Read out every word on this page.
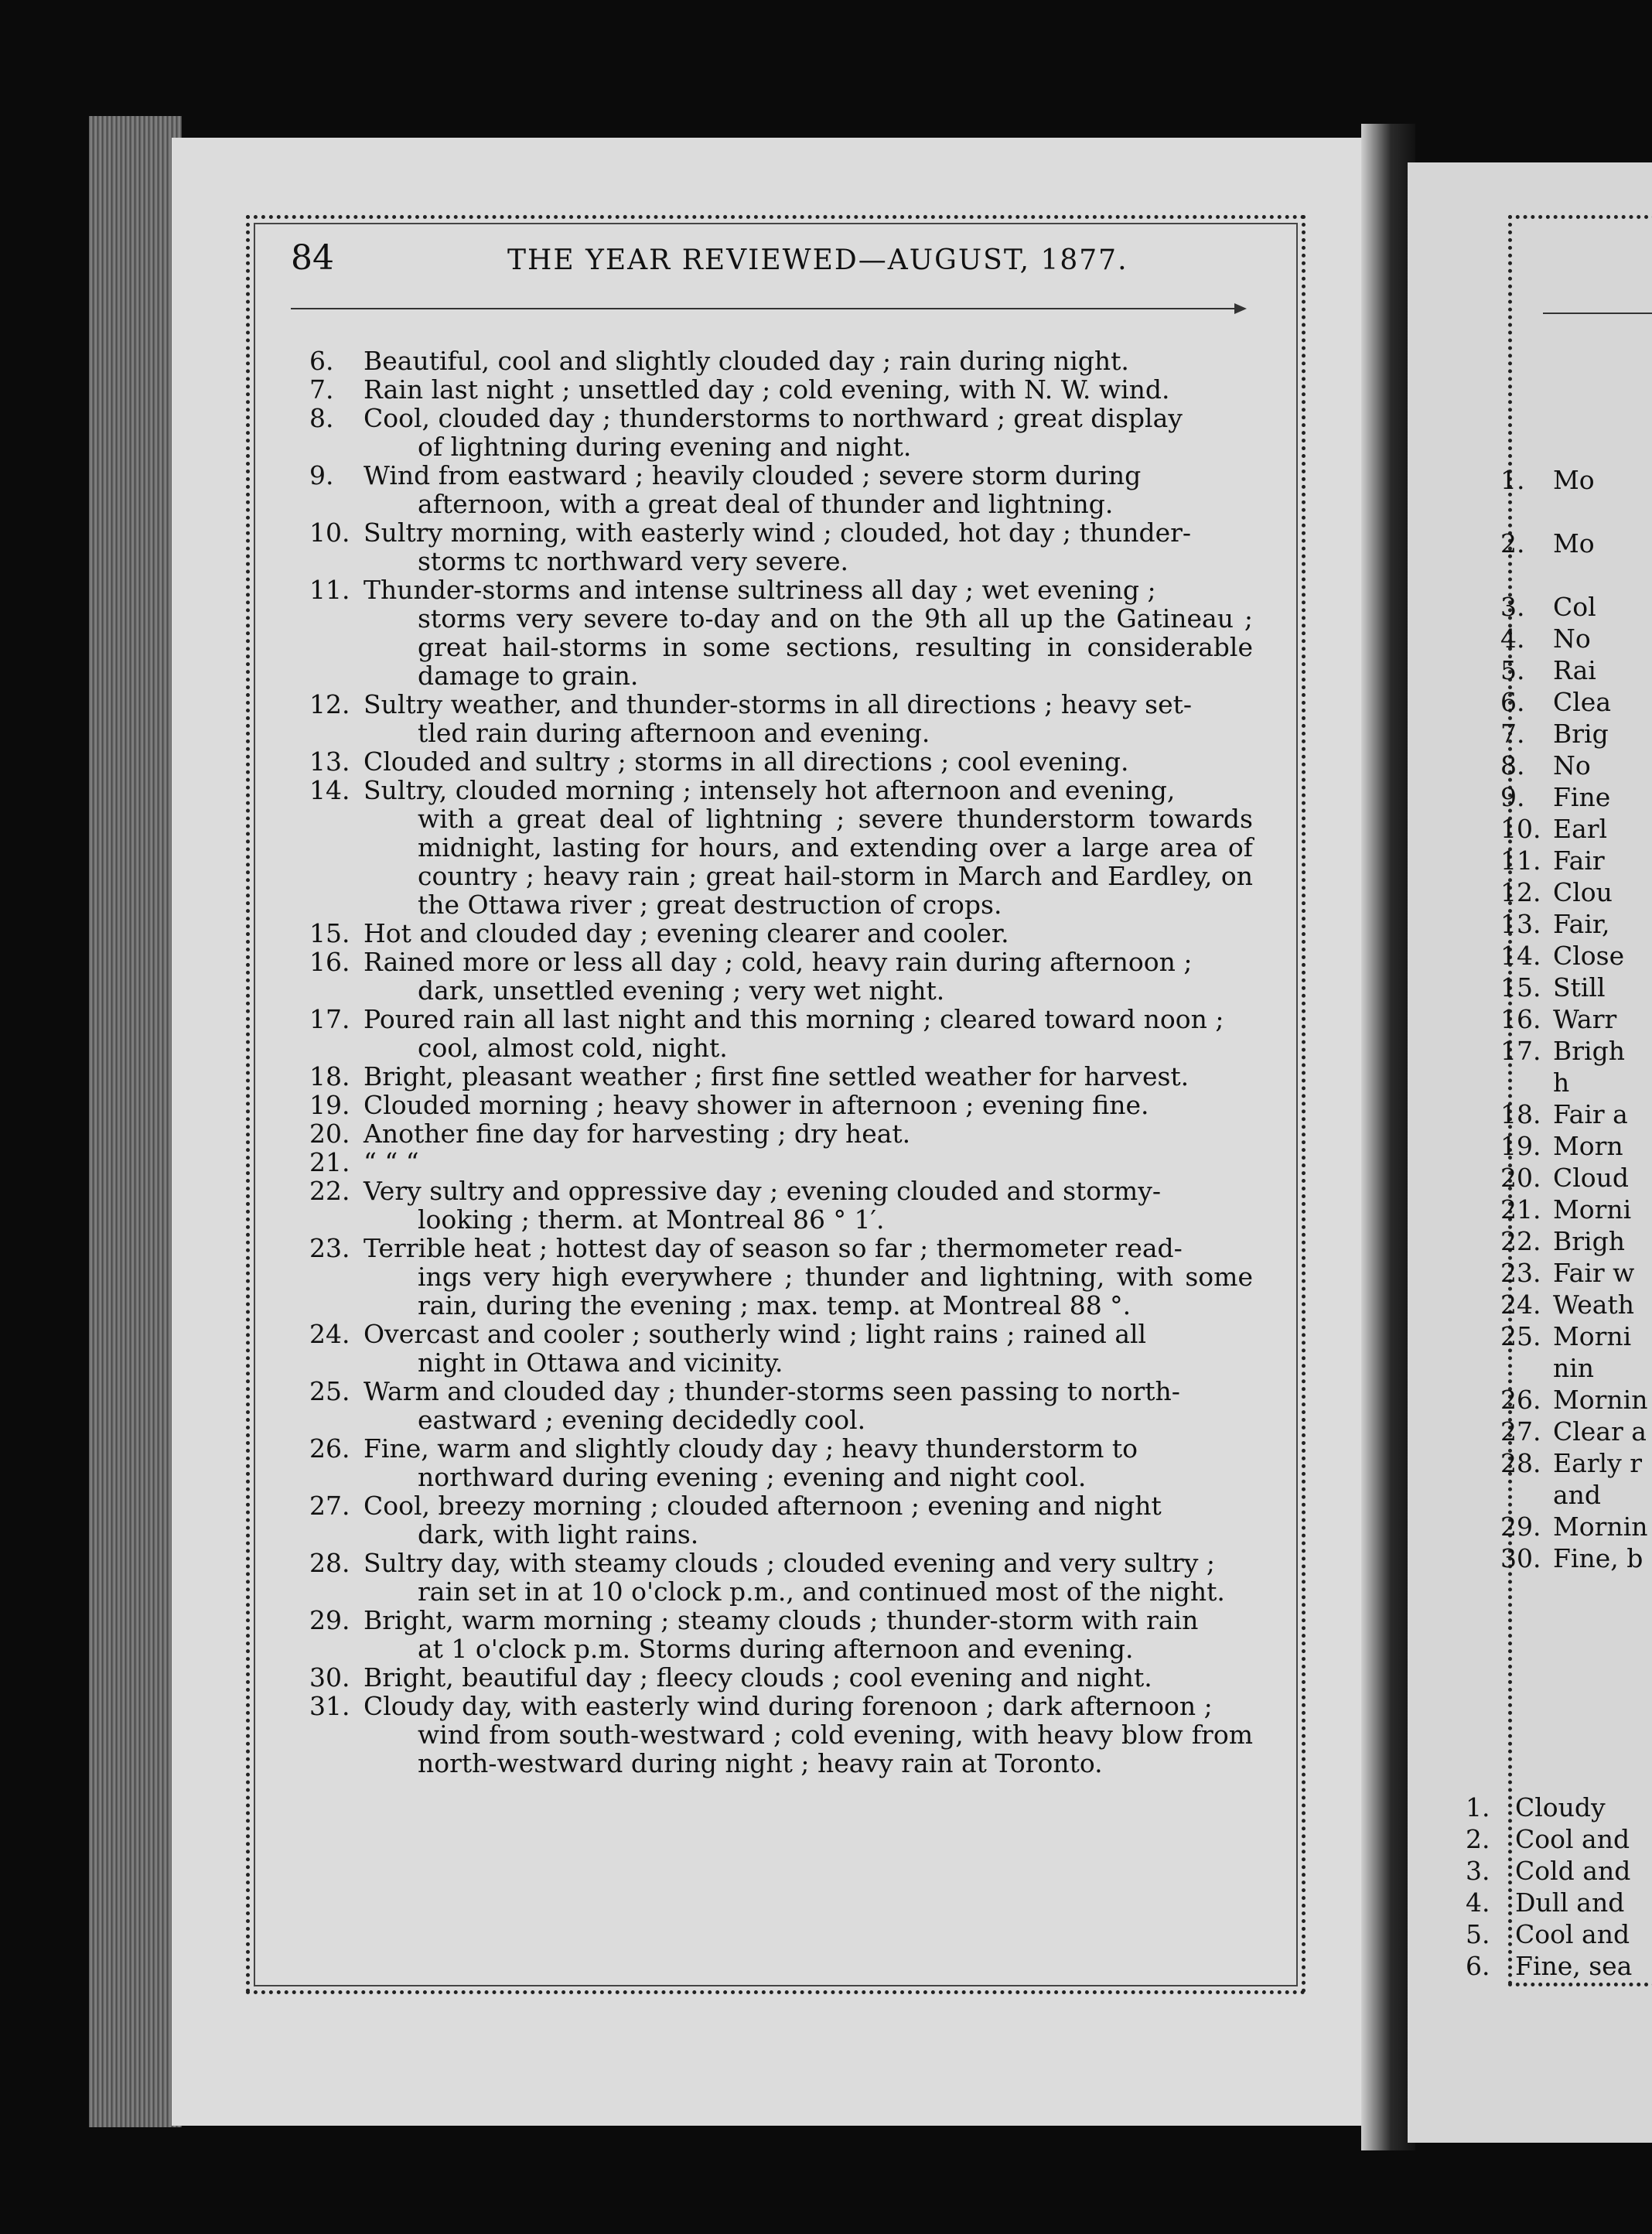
84	THE YEAR REVIEWED—AUGUST, 1877.
6.	Beautiful, cool and slightly clouded day ; rain during night.
7.	Rain last night ; unsettled day ; cold evening, with N. W. wind.
8.	Cool, clouded day ; thunderstorms to northward ; great display
of lightning during evening and night.
9.	Wind from eastward ; heavily clouded ; severe storm during
afternoon, with a great deal of thunder and lightning.
10. Sultry morning, with easterly wind ; clouded, hot day ; thunder-
storms tc northward very severe.
11. Thunder-storms and intense sultriness all day ; wet evening ;
storms very severe to-day and on the 9th all up the Gatineau ; great hail-storms in some sections, resulting in considerable damage to grain.
12. Sultry weather, and thunder-storms in all directions ; heavy set-
tled rain during afternoon and evening.
13. Clouded and sultry ; storms in all directions ; cool evening.
14. Sultry, clouded morning ; intensely hot afternoon and evening,
with a great deal of lightning ; severe thunderstorm towards midnight, lasting for hours, and extending over a large area of country ; heavy rain ; great hail-storm in March and Eardley, on the Ottawa river ; great destruction of crops.
15. Hot and clouded day ; evening clearer and cooler.
16. Rained more or less all day ; cold, heavy rain during afternoon ;
dark, unsettled evening ; very wet night.
17. Poured rain all last night and this morning ; cleared toward noon ;
cool, almost cold, night.
18. Bright, pleasant weather ; first fine settled weather for harvest.
19. Clouded morning ; heavy shower in afternoon ; evening fine.
20. Another fine day for harvesting ; dry heat.
21. “ “ “
22. Very sultry and oppressive day ; evening clouded and stormy-
looking ; therm. at Montreal 86 ° 1′.
23. Terrible heat ; hottest day of season so far ; thermometer read-
ings very high everywhere ; thunder and lightning, with some rain, during the evening ; max. temp. at Montreal 88 °.
24. Overcast and cooler ; southerly wind ; light rains ; rained all
night in Ottawa and vicinity.
25. Warm and clouded day ; thunder-storms seen passing to north-
eastward ; evening decidedly cool.
26. Fine, warm and slightly cloudy day ; heavy thunderstorm to
northward during evening ; evening and night cool.
27. Cool, breezy morning ; clouded afternoon ; evening and night
dark, with light rains.
28. Sultry day, with steamy clouds ; clouded evening and very sultry ;
rain set in at 10 o'clock p.m., and continued most of the night.
29. Bright, warm morning ; steamy clouds ; thunder-storm with rain
at 1 o'clock p.m. Storms during afternoon and evening.
30. Bright, beautiful day ; fleecy clouds ; cool evening and night.
31. Cloudy day, with easterly wind during forenoon ; dark afternoon ;
wind from south-westward ; cold evening, with heavy blow from north-westward during night ; heavy rain at Toronto.
1.	Mo
2.	Mo
3.	Col
4.	No
5.	Rai
6.	Clea
7.	Brig
8.	No
9.	Fine
10. Earl
11. Fair
12. Clou
13. Fair,
14. Close
15. Still
16. Warr
17. Brigh
h
18. Fair a
19. Morn
20. Cloud
21. Morni
22. Brigh
23. Fair w
24. Weath
25. Morni
nin
26. Mornin
27. Clear a
28. Early r
and
29. Mornin
30. Fine, b
1. Cloudy
2. Cool and
3. Cold and
4. Dull and
5. Cool and
6. Fine, sea
